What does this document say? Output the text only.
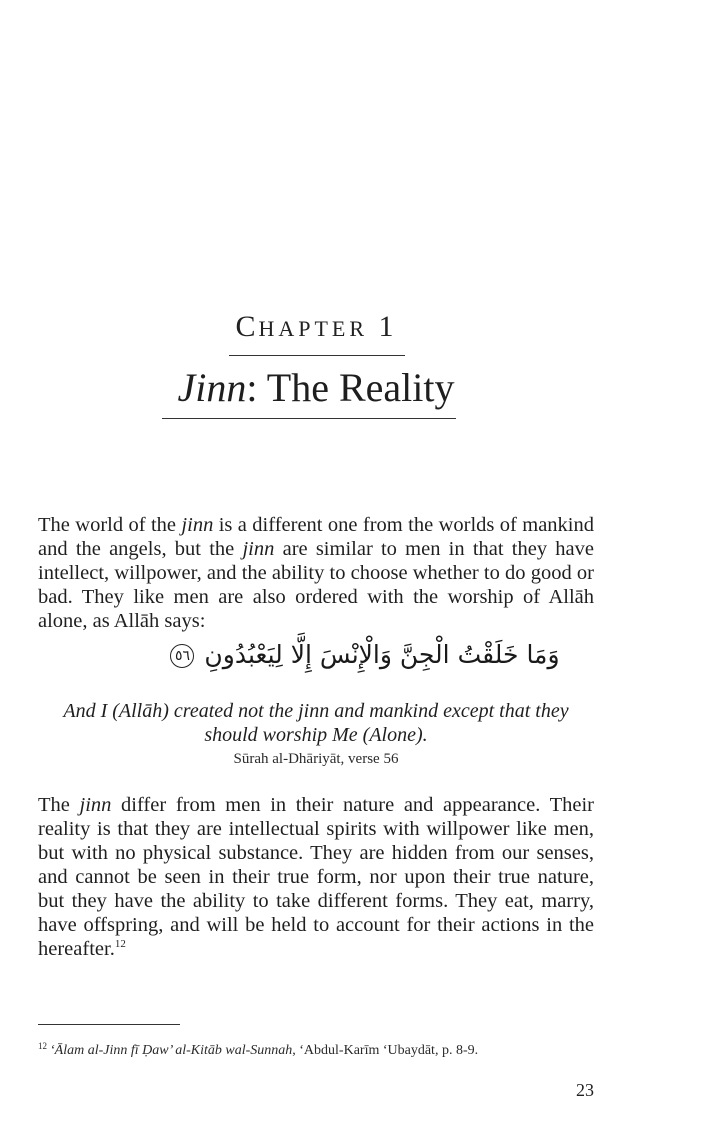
CHAPTER 1
Jinn: The Reality

The world of the jinn is a different one from the worlds of mankind and the angels, but the jinn are similar to men in that they have intellect, willpower, and the ability to choose whether to do good or bad. They like men are also ordered with the worship of Allāh alone, as Allāh says:

وَمَا خَلَقْتُ الْجِنَّ وَالْإِنْسَ إِلَّا لِيَعْبُدُونِ ٥٦
And I (Allāh) created not the jinn and mankind except that they
should worship Me (Alone).
Sūrah al-Dhāriyāt, verse 56

The jinn differ from men in their nature and appearance. Their reality is that they are intellectual spirits with willpower like men, but with no physical substance. They are hidden from our senses, and cannot be seen in their true form, nor upon their true nature, but they have the ability to take different forms. They eat, marry, have offspring, and will be held to account for their actions in the hereafter.$^{12}$

$^{12}$ ‘Ālam al-Jinn fī Ḍaw’ al-Kitāb wal-Sunnah, ‘Abdul-Karīm ‘Ubaydāt, p. 8-9.
23
